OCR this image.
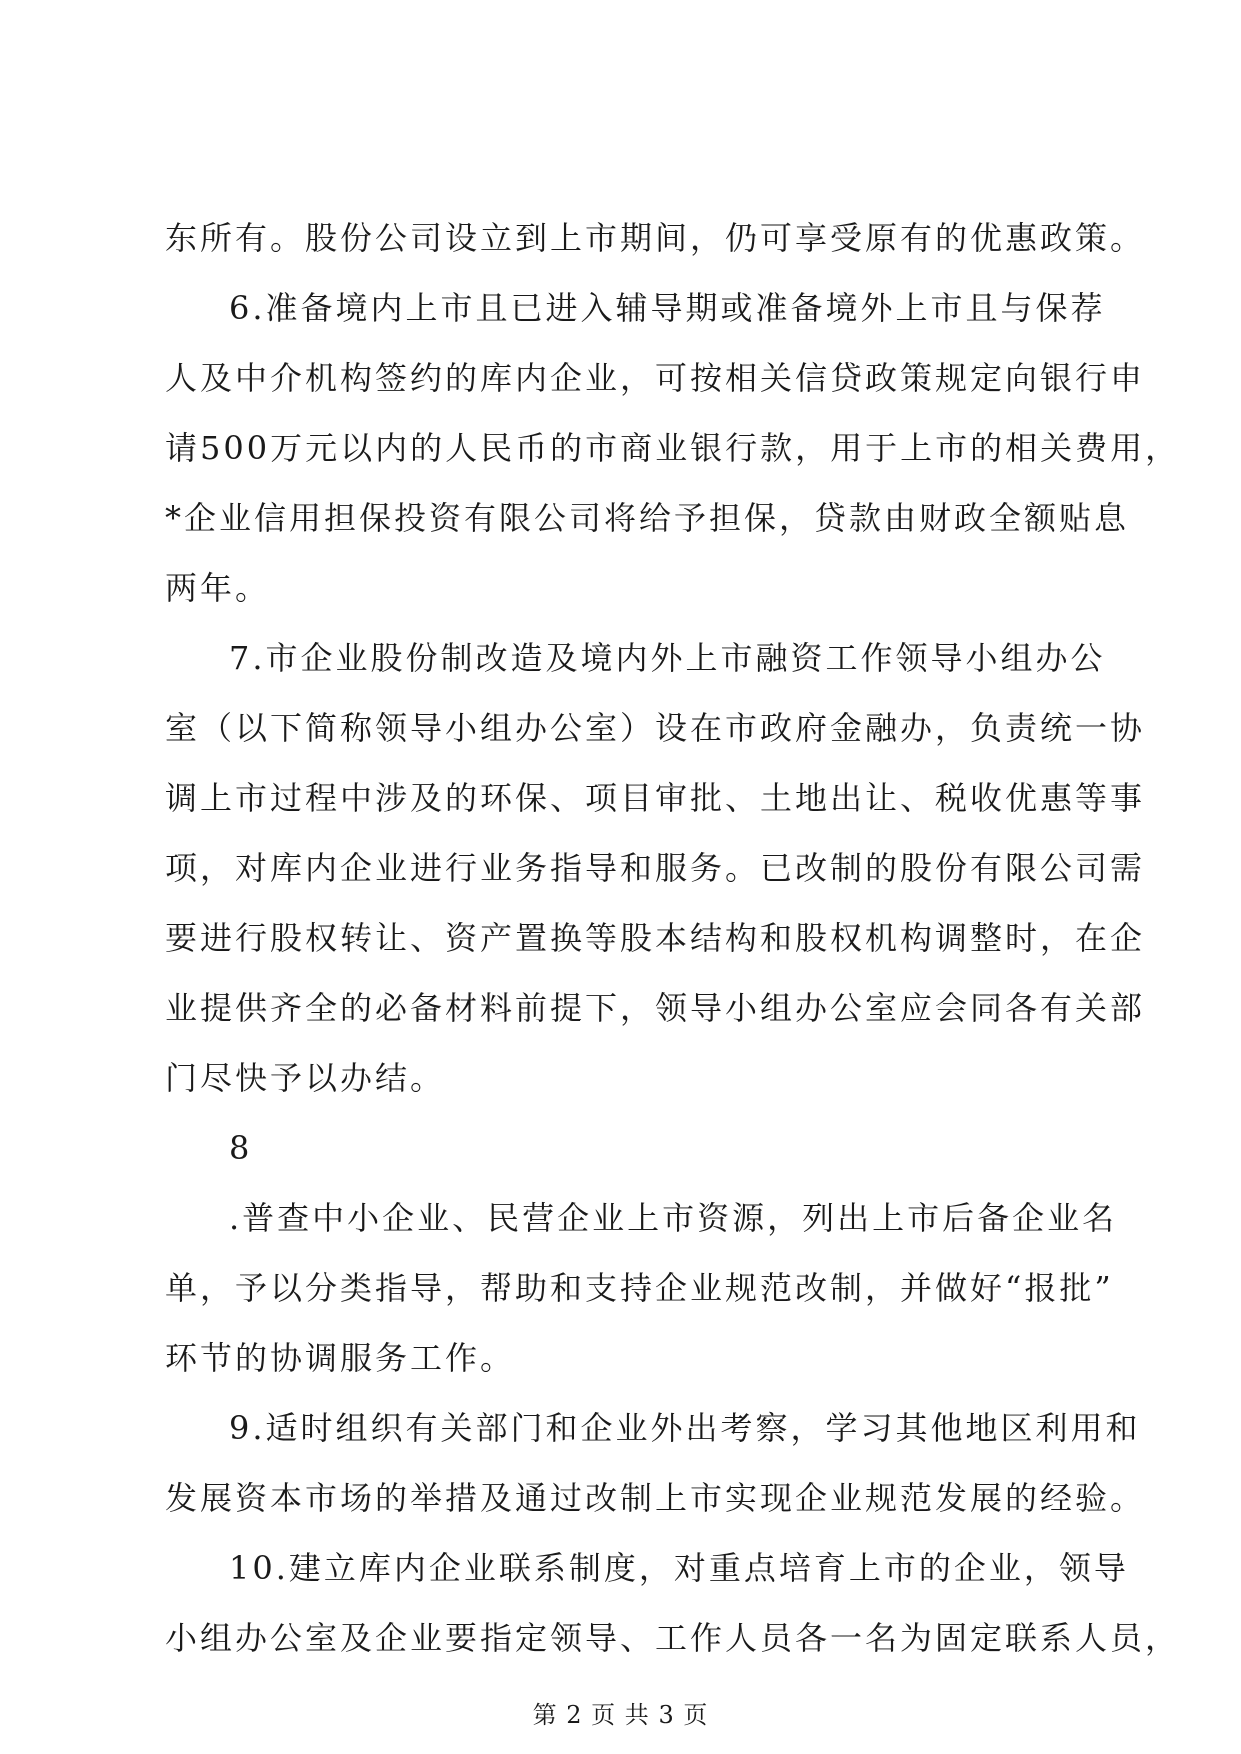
东所有。股份公司设立到上市期间，仍可享受原有的优惠政策。
6.准备境内上市且已进入辅导期或准备境外上市且与保荐
人及中介机构签约的库内企业，可按相关信贷政策规定向银行申
请500万元以内的人民币的市商业银行款，用于上市的相关费用，
*企业信用担保投资有限公司将给予担保，贷款由财政全额贴息
两年。
7.市企业股份制改造及境内外上市融资工作领导小组办公
室（以下简称领导小组办公室）设在市政府金融办，负责统一协
调上市过程中涉及的环保、项目审批、土地出让、税收优惠等事
项，对库内企业进行业务指导和服务。已改制的股份有限公司需
要进行股权转让、资产置换等股本结构和股权机构调整时，在企
业提供齐全的必备材料前提下，领导小组办公室应会同各有关部
门尽快予以办结。
8
.普查中小企业、民营企业上市资源，列出上市后备企业名
单，予以分类指导，帮助和支持企业规范改制，并做好“报批”
环节的协调服务工作。
9.适时组织有关部门和企业外出考察，学习其他地区利用和
发展资本市场的举措及通过改制上市实现企业规范发展的经验。
10.建立库内企业联系制度，对重点培育上市的企业，领导
小组办公室及企业要指定领导、工作人员各一名为固定联系人员，
第 2 页 共 3 页
